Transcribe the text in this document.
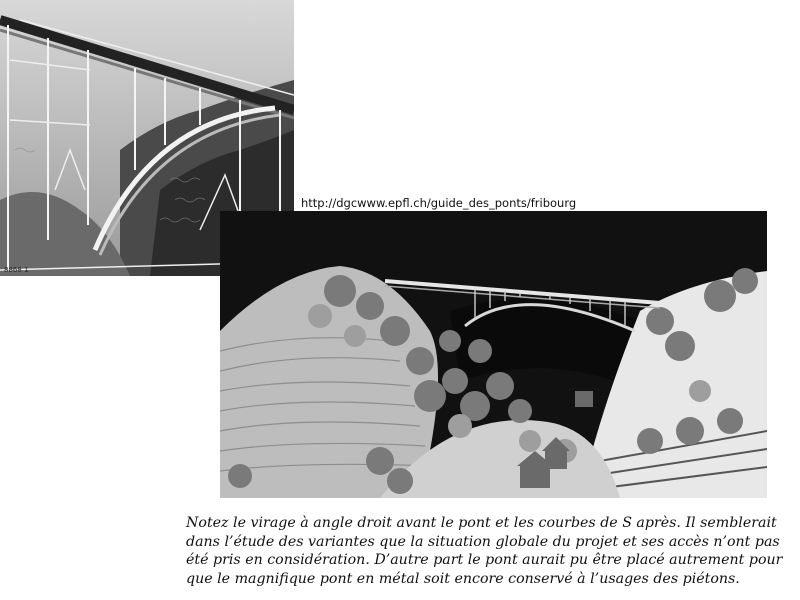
8868 1
http://dgcwww.epfl.ch/guide_des_ponts/fribourg

Notez le virage à angle droit avant le pont et les courbes de S après. Il semblerait dans l’étude des variantes que la situation globale du projet et ses accès n’ont pas été pris en considération. D’autre part le pont aurait pu être placé autrement pour que le magnifique pont en métal soit encore conservé à l’usages des piétons.
